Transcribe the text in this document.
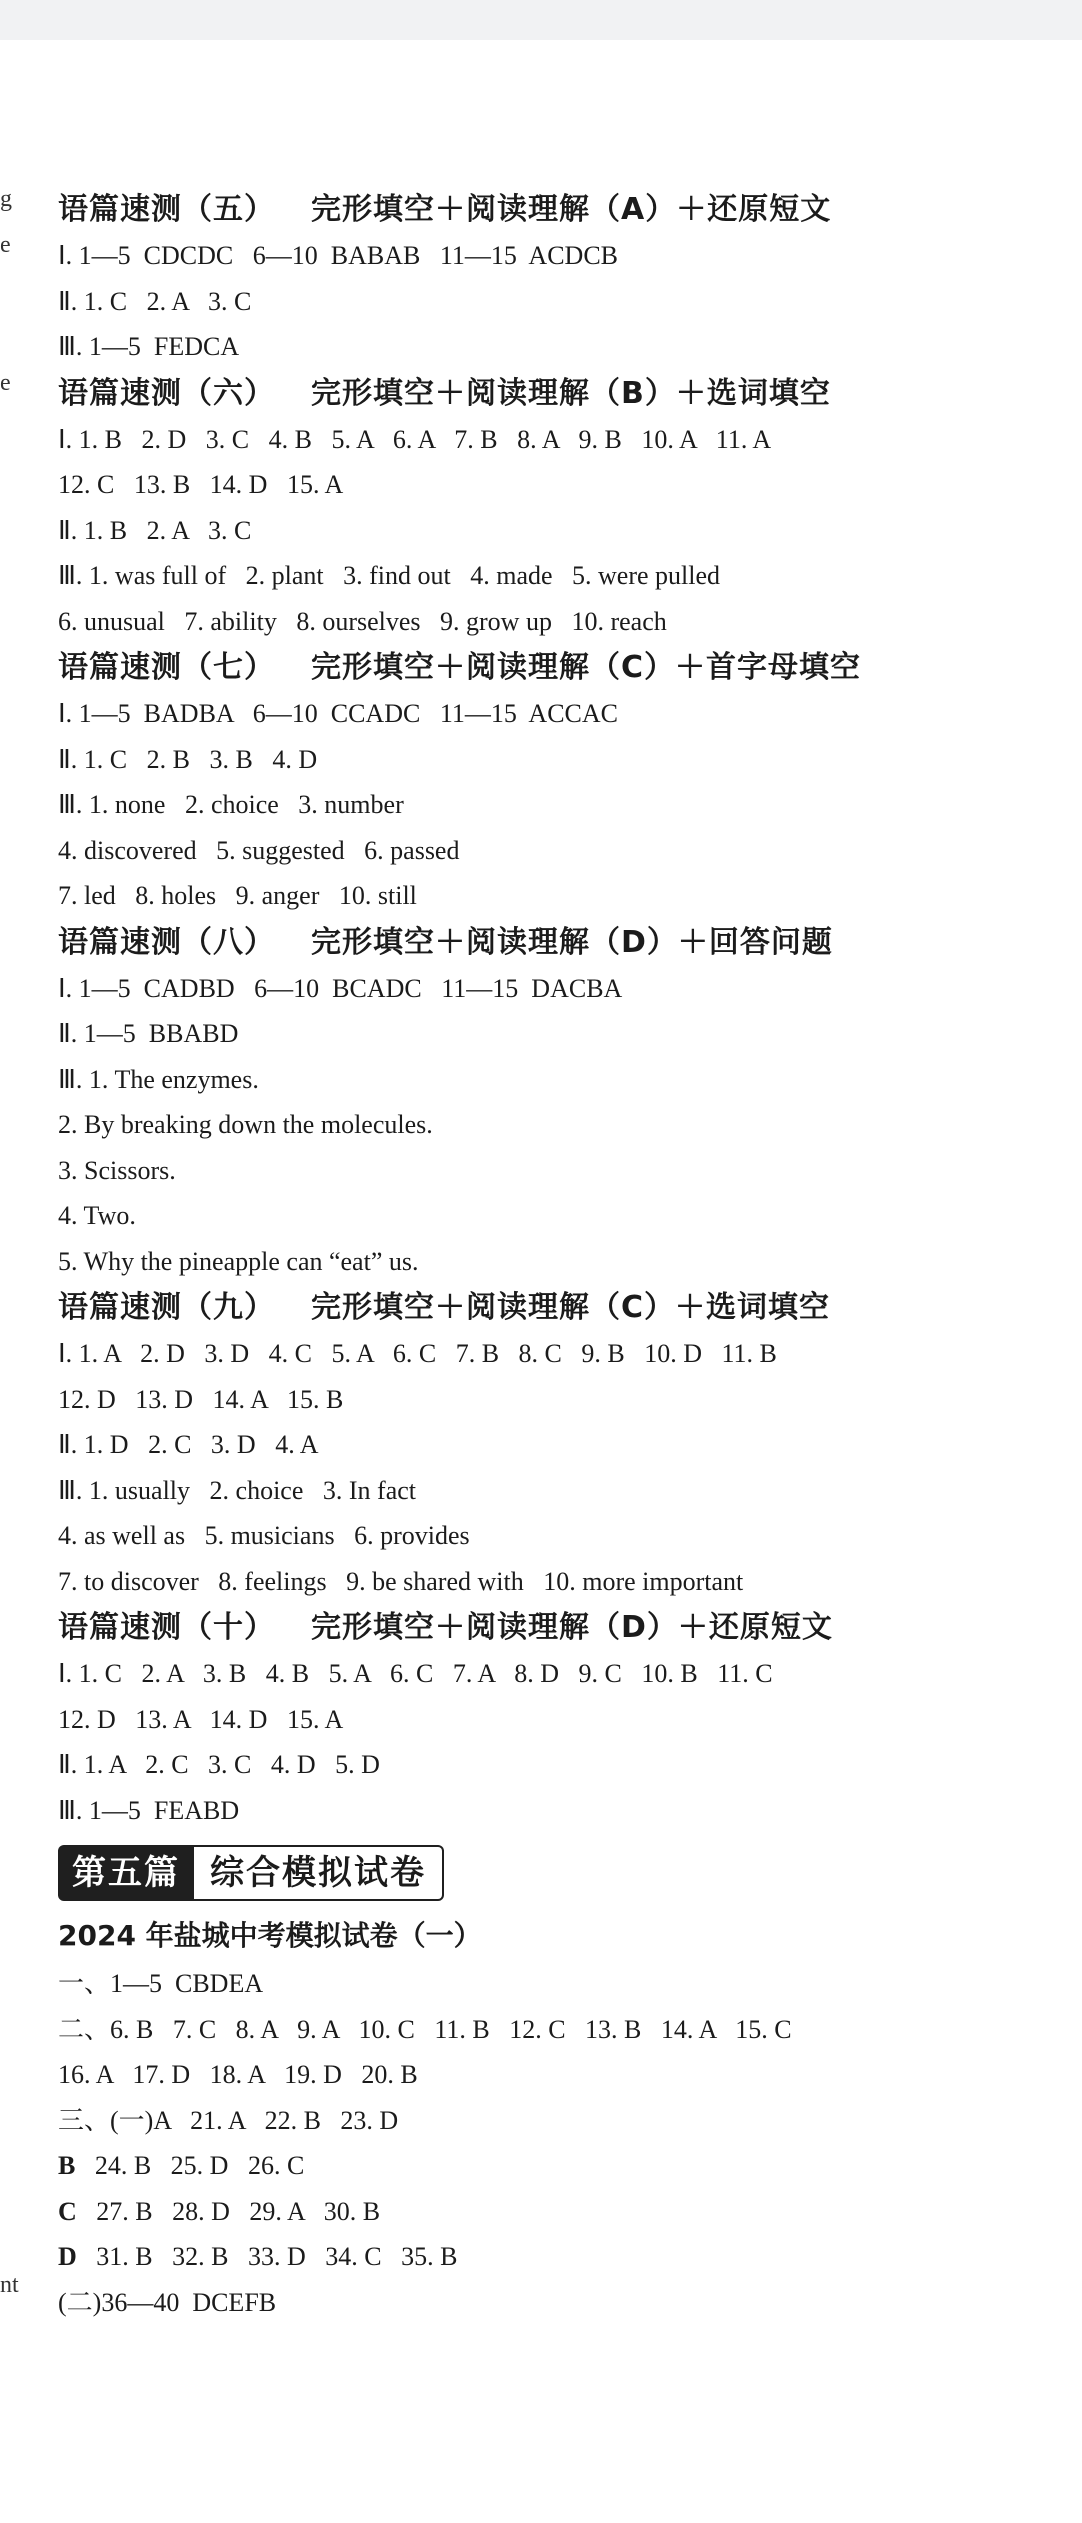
g
e
e
nt
语篇速测（五） 完形填空＋阅读理解（A）＋还原短文
Ⅰ. 1—5  CDCDC   6—10  BABAB   11—15  ACDCB
Ⅱ. 1. C   2. A   3. C
Ⅲ. 1—5  FEDCA
语篇速测（六） 完形填空＋阅读理解（B）＋选词填空
Ⅰ. 1. B   2. D   3. C   4. B   5. A   6. A   7. B   8. A   9. B   10. A   11. A
12. C   13. B   14. D   15. A
Ⅱ. 1. B   2. A   3. C
Ⅲ. 1. was full of   2. plant   3. find out   4. made   5. were pulled
6. unusual   7. ability   8. ourselves   9. grow up   10. reach
语篇速测（七） 完形填空＋阅读理解（C）＋首字母填空
Ⅰ. 1—5  BADBA   6—10  CCADC   11—15  ACCAC
Ⅱ. 1. C   2. B   3. B   4. D
Ⅲ. 1. none   2. choice   3. number
4. discovered   5. suggested   6. passed
7. led   8. holes   9. anger   10. still
语篇速测（八） 完形填空＋阅读理解（D）＋回答问题
Ⅰ. 1—5  CADBD   6—10  BCADC   11—15  DACBA
Ⅱ. 1—5  BBABD
Ⅲ. 1. The enzymes.
2. By breaking down the molecules.
3. Scissors.
4. Two.
5. Why the pineapple can “eat” us.
语篇速测（九） 完形填空＋阅读理解（C）＋选词填空
Ⅰ. 1. A   2. D   3. D   4. C   5. A   6. C   7. B   8. C   9. B   10. D   11. B
12. D   13. D   14. A   15. B
Ⅱ. 1. D   2. C   3. D   4. A
Ⅲ. 1. usually   2. choice   3. In fact
4. as well as   5. musicians   6. provides
7. to discover   8. feelings   9. be shared with   10. more important
语篇速测（十） 完形填空＋阅读理解（D）＋还原短文
Ⅰ. 1. C   2. A   3. B   4. B   5. A   6. C   7. A   8. D   9. C   10. B   11. C
12. D   13. A   14. D   15. A
Ⅱ. 1. A   2. C   3. C   4. D   5. D
Ⅲ. 1—5  FEABD
第五篇 综合模拟试卷
2024 年盐城中考模拟试卷（一）
一、1—5  CBDEA
二、6. B   7. C   8. A   9. A   10. C   11. B   12. C   13. B   14. A   15. C
16. A   17. D   18. A   19. D   20. B
三、(一)A   21. A   22. B   23. D
B   24. B   25. D   26. C
C   27. B   28. D   29. A   30. B
D   31. B   32. B   33. D   34. C   35. B
(二)36—40  DCEFB
